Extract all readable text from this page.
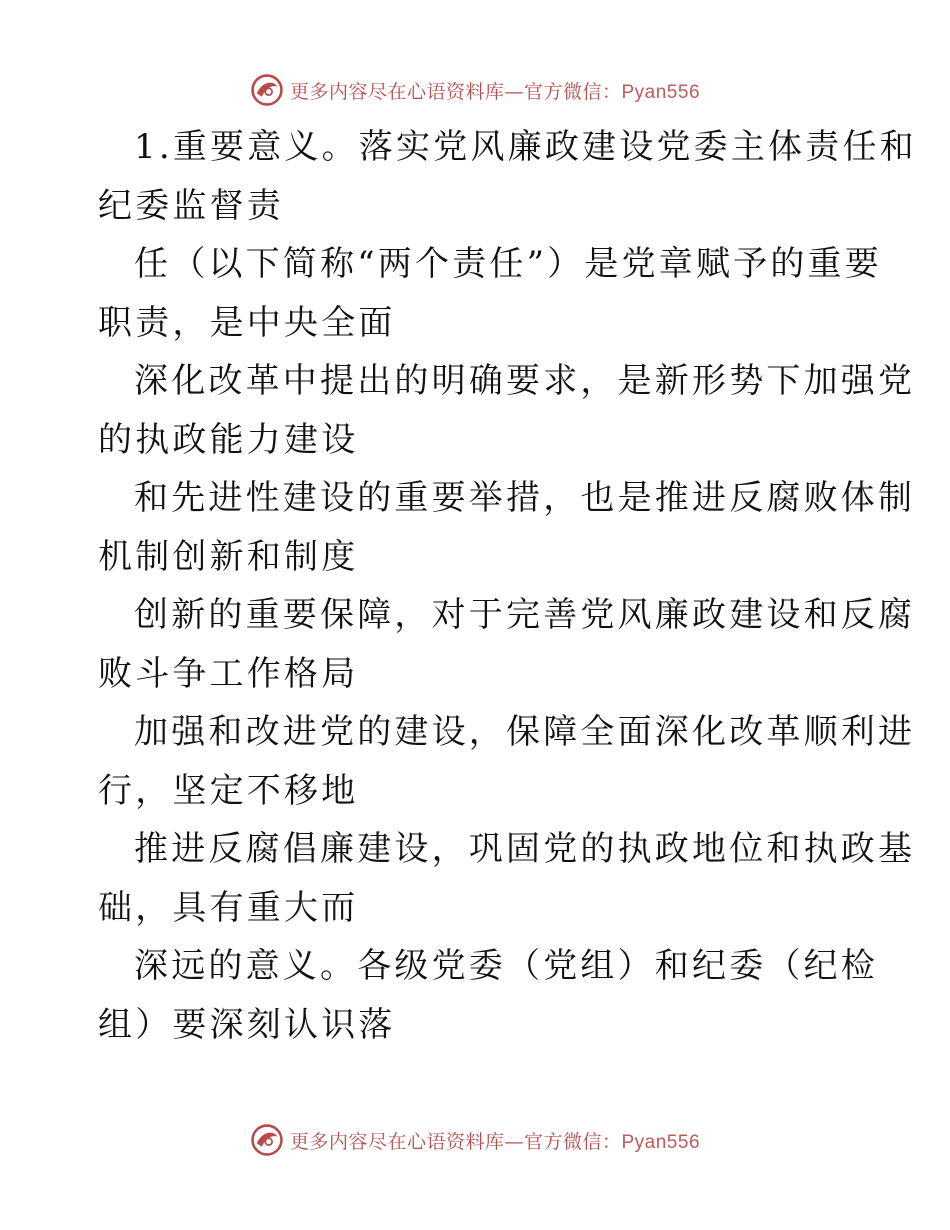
更多内容尽在心语资料库—官方微信：Pyan556
1.重要意义。落实党风廉政建设党委主体责任和
纪委监督责
任（以下简称“两个责任”）是党章赋予的重要
职责，是中央全面
深化改革中提出的明确要求，是新形势下加强党
的执政能力建设
和先进性建设的重要举措，也是推进反腐败体制
机制创新和制度
创新的重要保障，对于完善党风廉政建设和反腐
败斗争工作格局
加强和改进党的建设，保障全面深化改革顺利进
行，坚定不移地
推进反腐倡廉建设，巩固党的执政地位和执政基
础，具有重大而
深远的意义。各级党委（党组）和纪委（纪检
组）要深刻认识落
更多内容尽在心语资料库—官方微信：Pyan556
